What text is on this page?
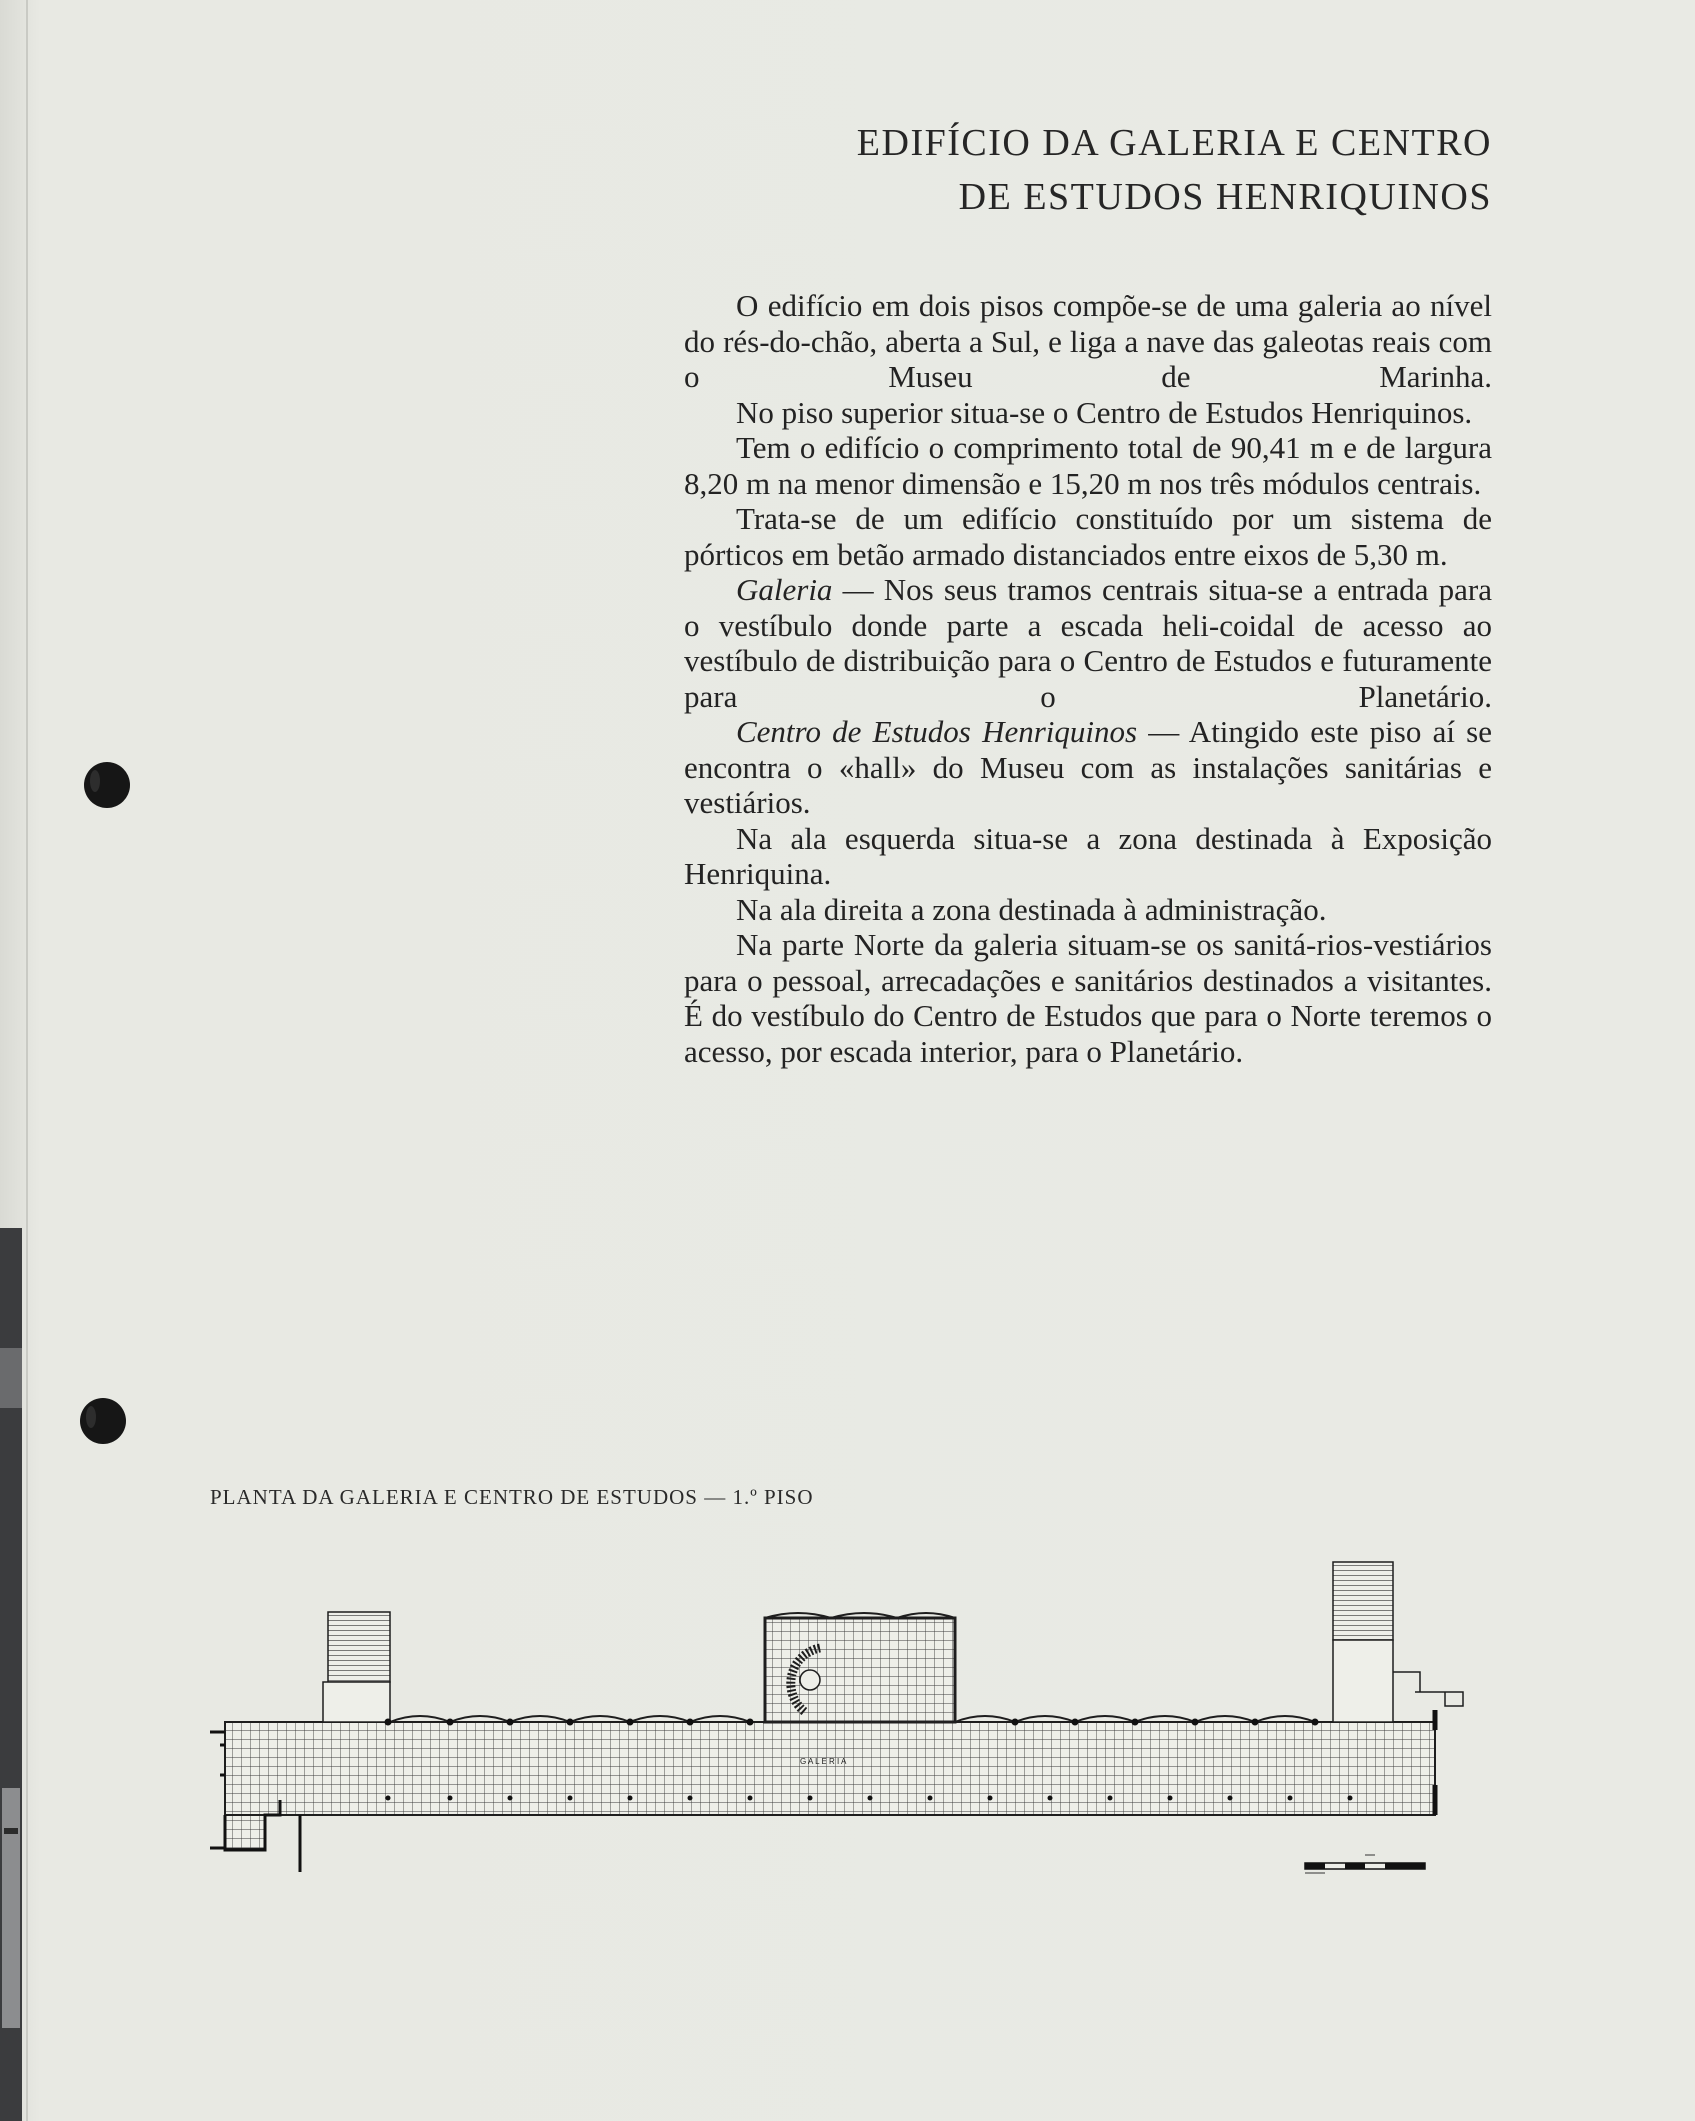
EDIFÍCIO DA GALERIA E CENTRO
DE ESTUDOS HENRIQUINOS

O edifício em dois pisos compõe-se de uma galeria ao nível do rés-do-chão, aberta a Sul, e liga a nave das galeotas reais com o Museu de Marinha.

No piso superior situa-se o Centro de Estudos Henriquinos.

Tem o edifício o comprimento total de 90,41 m e de largura 8,20 m na menor dimensão e 15,20 m nos três módulos centrais.

Trata-se de um edifício constituído por um sistema de pórticos em betão armado distanciados entre eixos de 5,30 m.

Galeria — Nos seus tramos centrais situa-se a entrada para o vestíbulo donde parte a escada heli-coidal de acesso ao vestíbulo de distribuição para o Centro de Estudos e futuramente para o Planetário.

Centro de Estudos Henriquinos — Atingido este piso aí se encontra o «hall» do Museu com as instalações sanitárias e vestiários.

Na ala esquerda situa-se a zona destinada à Exposição Henriquina.

Na ala direita a zona destinada à administração.

Na parte Norte da galeria situam-se os sanitá-rios-vestiários para o pessoal, arrecadações e sanitários destinados a visitantes. É do vestíbulo do Centro de Estudos que para o Norte teremos o acesso, por escada interior, para o Planetário.

PLANTA DA GALERIA E CENTRO DE ESTUDOS — 1.º PISO
G A L E R I A
